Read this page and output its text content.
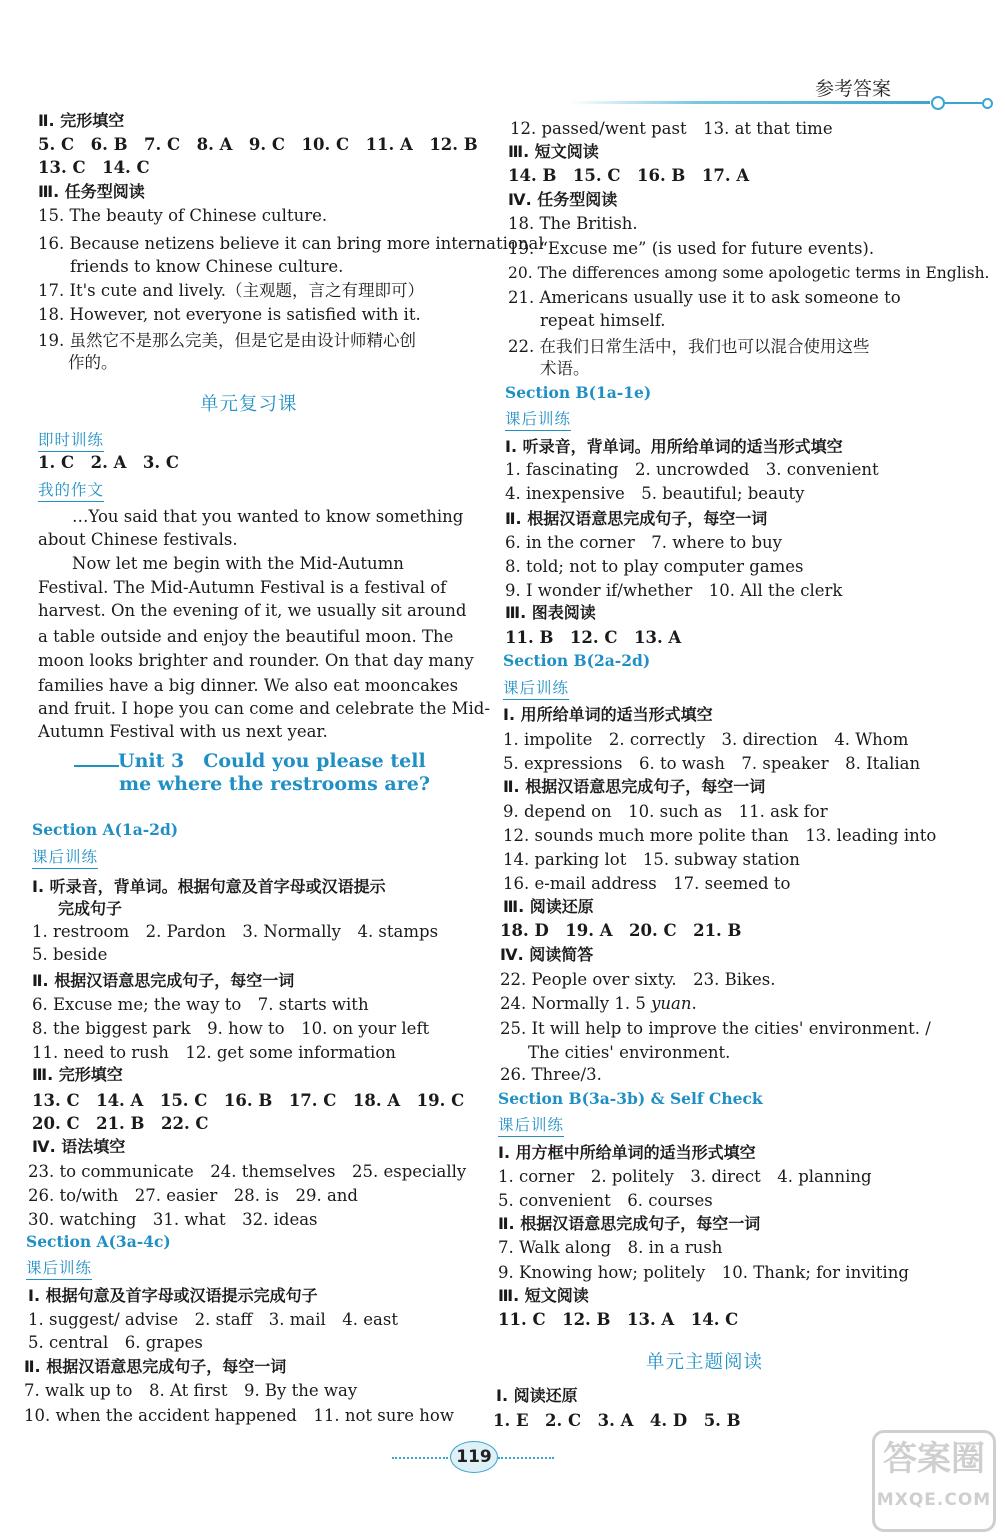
参考答案
Ⅱ. 完形填空
5. C　6. B　7. C　8. A　9. C　10. C　11. A　12. B
13. C　14. C
Ⅲ. 任务型阅读
15. The beauty of Chinese culture.
16. Because netizens believe it can bring more international
friends to know Chinese culture.
17. It's cute and lively.（主观题，言之有理即可）
18. However, not everyone is satisfied with it.
19. 虽然它不是那么完美，但是它是由设计师精心创
作的。
单元复习课
即时训练
1. C　2. A　3. C
我的作文
…You said that you wanted to know something
about Chinese festivals.
Now let me begin with the Mid-Autumn
Festival. The Mid-Autumn Festival is a festival of
harvest. On the evening of it, we usually sit around
a table outside and enjoy the beautiful moon. The
moon looks brighter and rounder. On that day many
families have a big dinner. We also eat mooncakes
and fruit. I hope you can come and celebrate the Mid-
Autumn Festival with us next year.
Unit 3　Could you please tell
me where the restrooms are?
Section A(1a-2d)
课后训练
Ⅰ. 听录音，背单词。根据句意及首字母或汉语提示
完成句子
1. restroom　2. Pardon　3. Normally　4. stamps
5. beside
Ⅱ. 根据汉语意思完成句子，每空一词
6. Excuse me; the way to　7. starts with
8. the biggest park　9. how to　10. on your left
11. need to rush　12. get some information
Ⅲ. 完形填空
13. C　14. A　15. C　16. B　17. C　18. A　19. C
20. C　21. B　22. C
Ⅳ. 语法填空
23. to communicate　24. themselves　25. especially
26. to/with　27. easier　28. is　29. and
30. watching　31. what　32. ideas
Section A(3a-4c)
课后训练
Ⅰ. 根据句意及首字母或汉语提示完成句子
1. suggest/ advise　2. staff　3. mail　4. east
5. central　6. grapes
Ⅱ. 根据汉语意思完成句子，每空一词
7. walk up to　8. At first　9. By the way
10. when the accident happened　11. not sure how
12. passed/went past　13. at that time
Ⅲ. 短文阅读
14. B　15. C　16. B　17. A
Ⅳ. 任务型阅读
18. The British.
19. “Excuse me” (is used for future events).
20. The differences among some apologetic terms in English.
21. Americans usually use it to ask someone to
repeat himself.
22. 在我们日常生活中，我们也可以混合使用这些
术语。
Section B(1a-1e)
课后训练
Ⅰ. 听录音，背单词。用所给单词的适当形式填空
1. fascinating　2. uncrowded　3. convenient
4. inexpensive　5. beautiful; beauty
Ⅱ. 根据汉语意思完成句子，每空一词
6. in the corner　7. where to buy
8. told; not to play computer games
9. I wonder if/whether　10. All the clerk
Ⅲ. 图表阅读
11. B　12. C　13. A
Section B(2a-2d)
课后训练
Ⅰ. 用所给单词的适当形式填空
1. impolite　2. correctly　3. direction　4. Whom
5. expressions　6. to wash　7. speaker　8. Italian
Ⅱ. 根据汉语意思完成句子，每空一词
9. depend on　10. such as　11. ask for
12. sounds much more polite than　13. leading into
14. parking lot　15. subway station
16. e-mail address　17. seemed to
Ⅲ. 阅读还原
18. D　19. A　20. C　21. B
Ⅳ. 阅读简答
22. People over sixty.　23. Bikes.
24. Normally 1. 5 yuan.
25. It will help to improve the cities' environment. /
The cities' environment.
26. Three/3.
Section B(3a-3b) & Self Check
课后训练
Ⅰ. 用方框中所给单词的适当形式填空
1. corner　2. politely　3. direct　4. planning
5. convenient　6. courses
Ⅱ. 根据汉语意思完成句子，每空一词
7. Walk along　8. in a rush
9. Knowing how; politely　10. Thank; for inviting
Ⅲ. 短文阅读
11. C　12. B　13. A　14. C
单元主题阅读
Ⅰ. 阅读还原
1. E　2. C　3. A　4. D　5. B
119	答案圈
MXQE.COM
